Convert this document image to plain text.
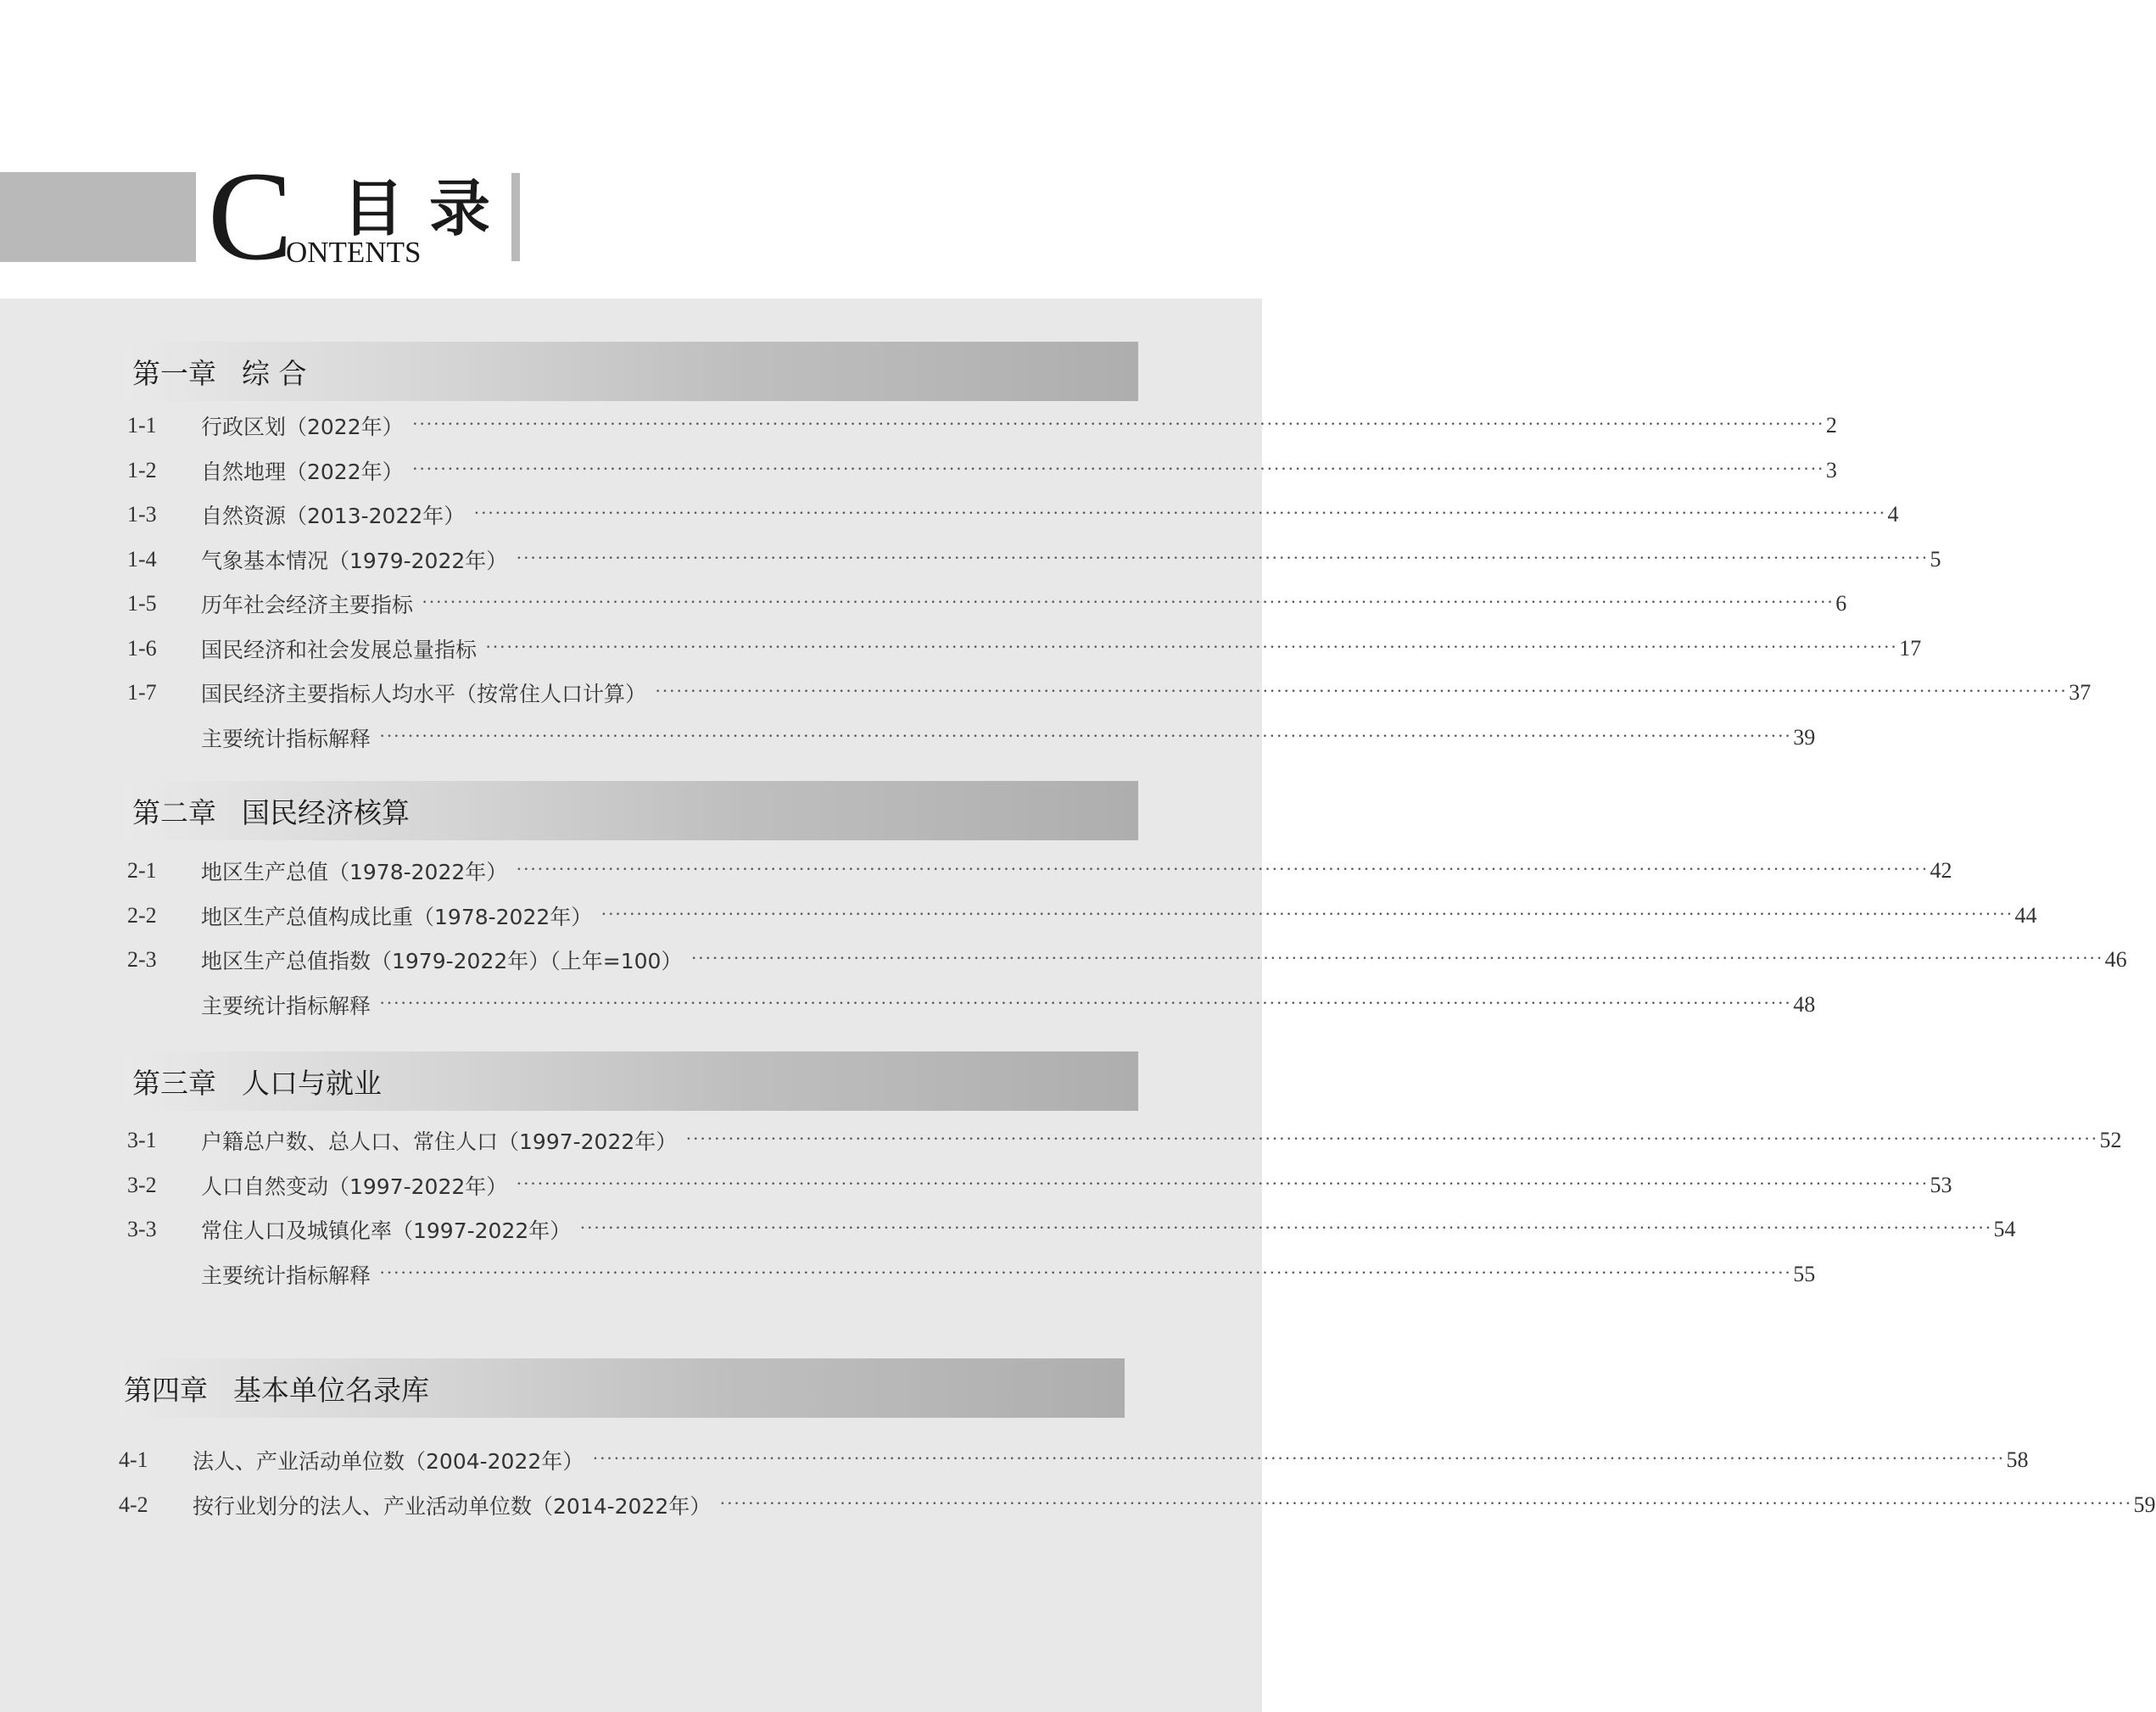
C 目录
ONTENTS
第一章 综 合
1-1	行政区划（2022年） ········································································································································································································ 2
1-2	自然地理（2022年） ········································································································································································································ 3
1-3	自然资源（2013-2022年） ········································································································································································································ 4
1-4	气象基本情况（1979-2022年） ········································································································································································································ 5
1-5	历年社会经济主要指标 ········································································································································································································ 6
1-6	国民经济和社会发展总量指标 ········································································································································································································ 17
1-7	国民经济主要指标人均水平（按常住人口计算） ········································································································································································································ 37
主要统计指标解释 ········································································································································································································ 39
第二章 国民经济核算
2-1	地区生产总值（1978-2022年） ········································································································································································································ 42
2-2	地区生产总值构成比重（1978-2022年） ········································································································································································································ 44
2-3	地区生产总值指数（1979-2022年）（上年=100） ········································································································································································································ 46
主要统计指标解释 ········································································································································································································ 48
第三章 人口与就业
3-1	户籍总户数、总人口、常住人口（1997-2022年） ········································································································································································································ 52
3-2	人口自然变动（1997-2022年） ········································································································································································································ 53
3-3	常住人口及城镇化率（1997-2022年） ········································································································································································································ 54
主要统计指标解释 ········································································································································································································ 55
第四章 基本单位名录库
4-1	法人、产业活动单位数（2004-2022年） ········································································································································································································ 58
4-2	按行业划分的法人、产业活动单位数（2014-2022年） ········································································································································································································ 59
